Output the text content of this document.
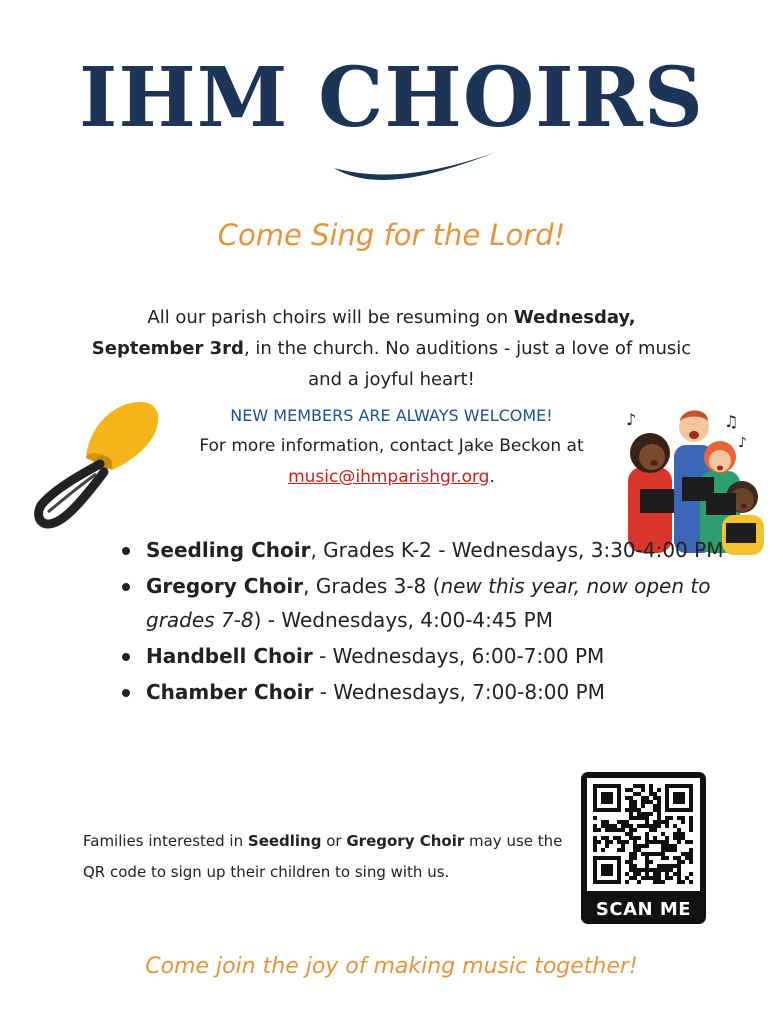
IHM CHOIRS

Come Sing for the Lord!

All our parish choirs will be resuming on Wednesday, September 3rd, in the church. No auditions - just a love of music and a joyful heart!

NEW MEMBERS ARE ALWAYS WELCOME!
For more information, contact Jake Beckon at
music@ihmparishgr.org.
♪	♫
♪
Seedling Choir, Grades K-2 - Wednesdays, 3:30-4:00 PM
Gregory Choir, Grades 3-8 (new this year, now open to grades 7-8) - Wednesdays, 4:00-4:45 PM
Handbell Choir - Wednesdays, 6:00-7:00 PM
Chamber Choir - Wednesdays, 7:00-8:00 PM

Families interested in Seedling or Gregory Choir may use the QR code to sign up their children to sing with us.

SCAN ME

Come join the joy of making music together!
